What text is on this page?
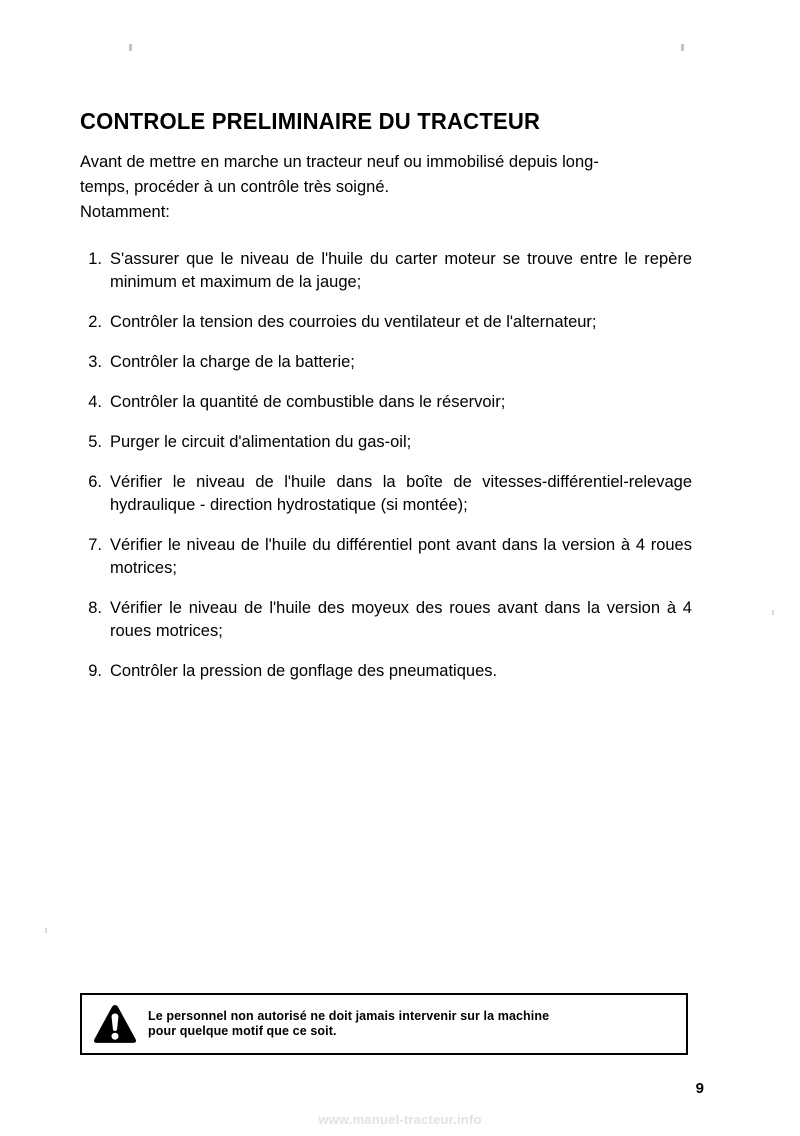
CONTROLE PRELIMINAIRE DU TRACTEUR

Avant de mettre en marche un tracteur neuf ou immobilisé depuis long-

temps, procéder à un contrôle très soigné.

Notamment:

1. S'assurer que le niveau de l'huile du carter moteur se trouve entre le repère minimum et maximum de la jauge;
2. Contrôler la tension des courroies du ventilateur et de l'alternateur;
3. Contrôler la charge de la batterie;
4. Contrôler la quantité de combustible dans le réservoir;
5. Purger le circuit d'alimentation du gas-oil;
6. Vérifier le niveau de l'huile dans la boîte de vitesses-différentiel-relevage hydraulique - direction hydrostatique (si montée);
7. Vérifier le niveau de l'huile du différentiel pont avant dans la version à 4 roues motrices;
8. Vérifier le niveau de l'huile des moyeux des roues avant dans la version à 4 roues motrices;
9. Contrôler la pression de gonflage des pneumatiques.
Le personnel non autorisé ne doit jamais intervenir sur la machine
pour quelque motif que ce soit.
9
www.manuel-tracteur.info
